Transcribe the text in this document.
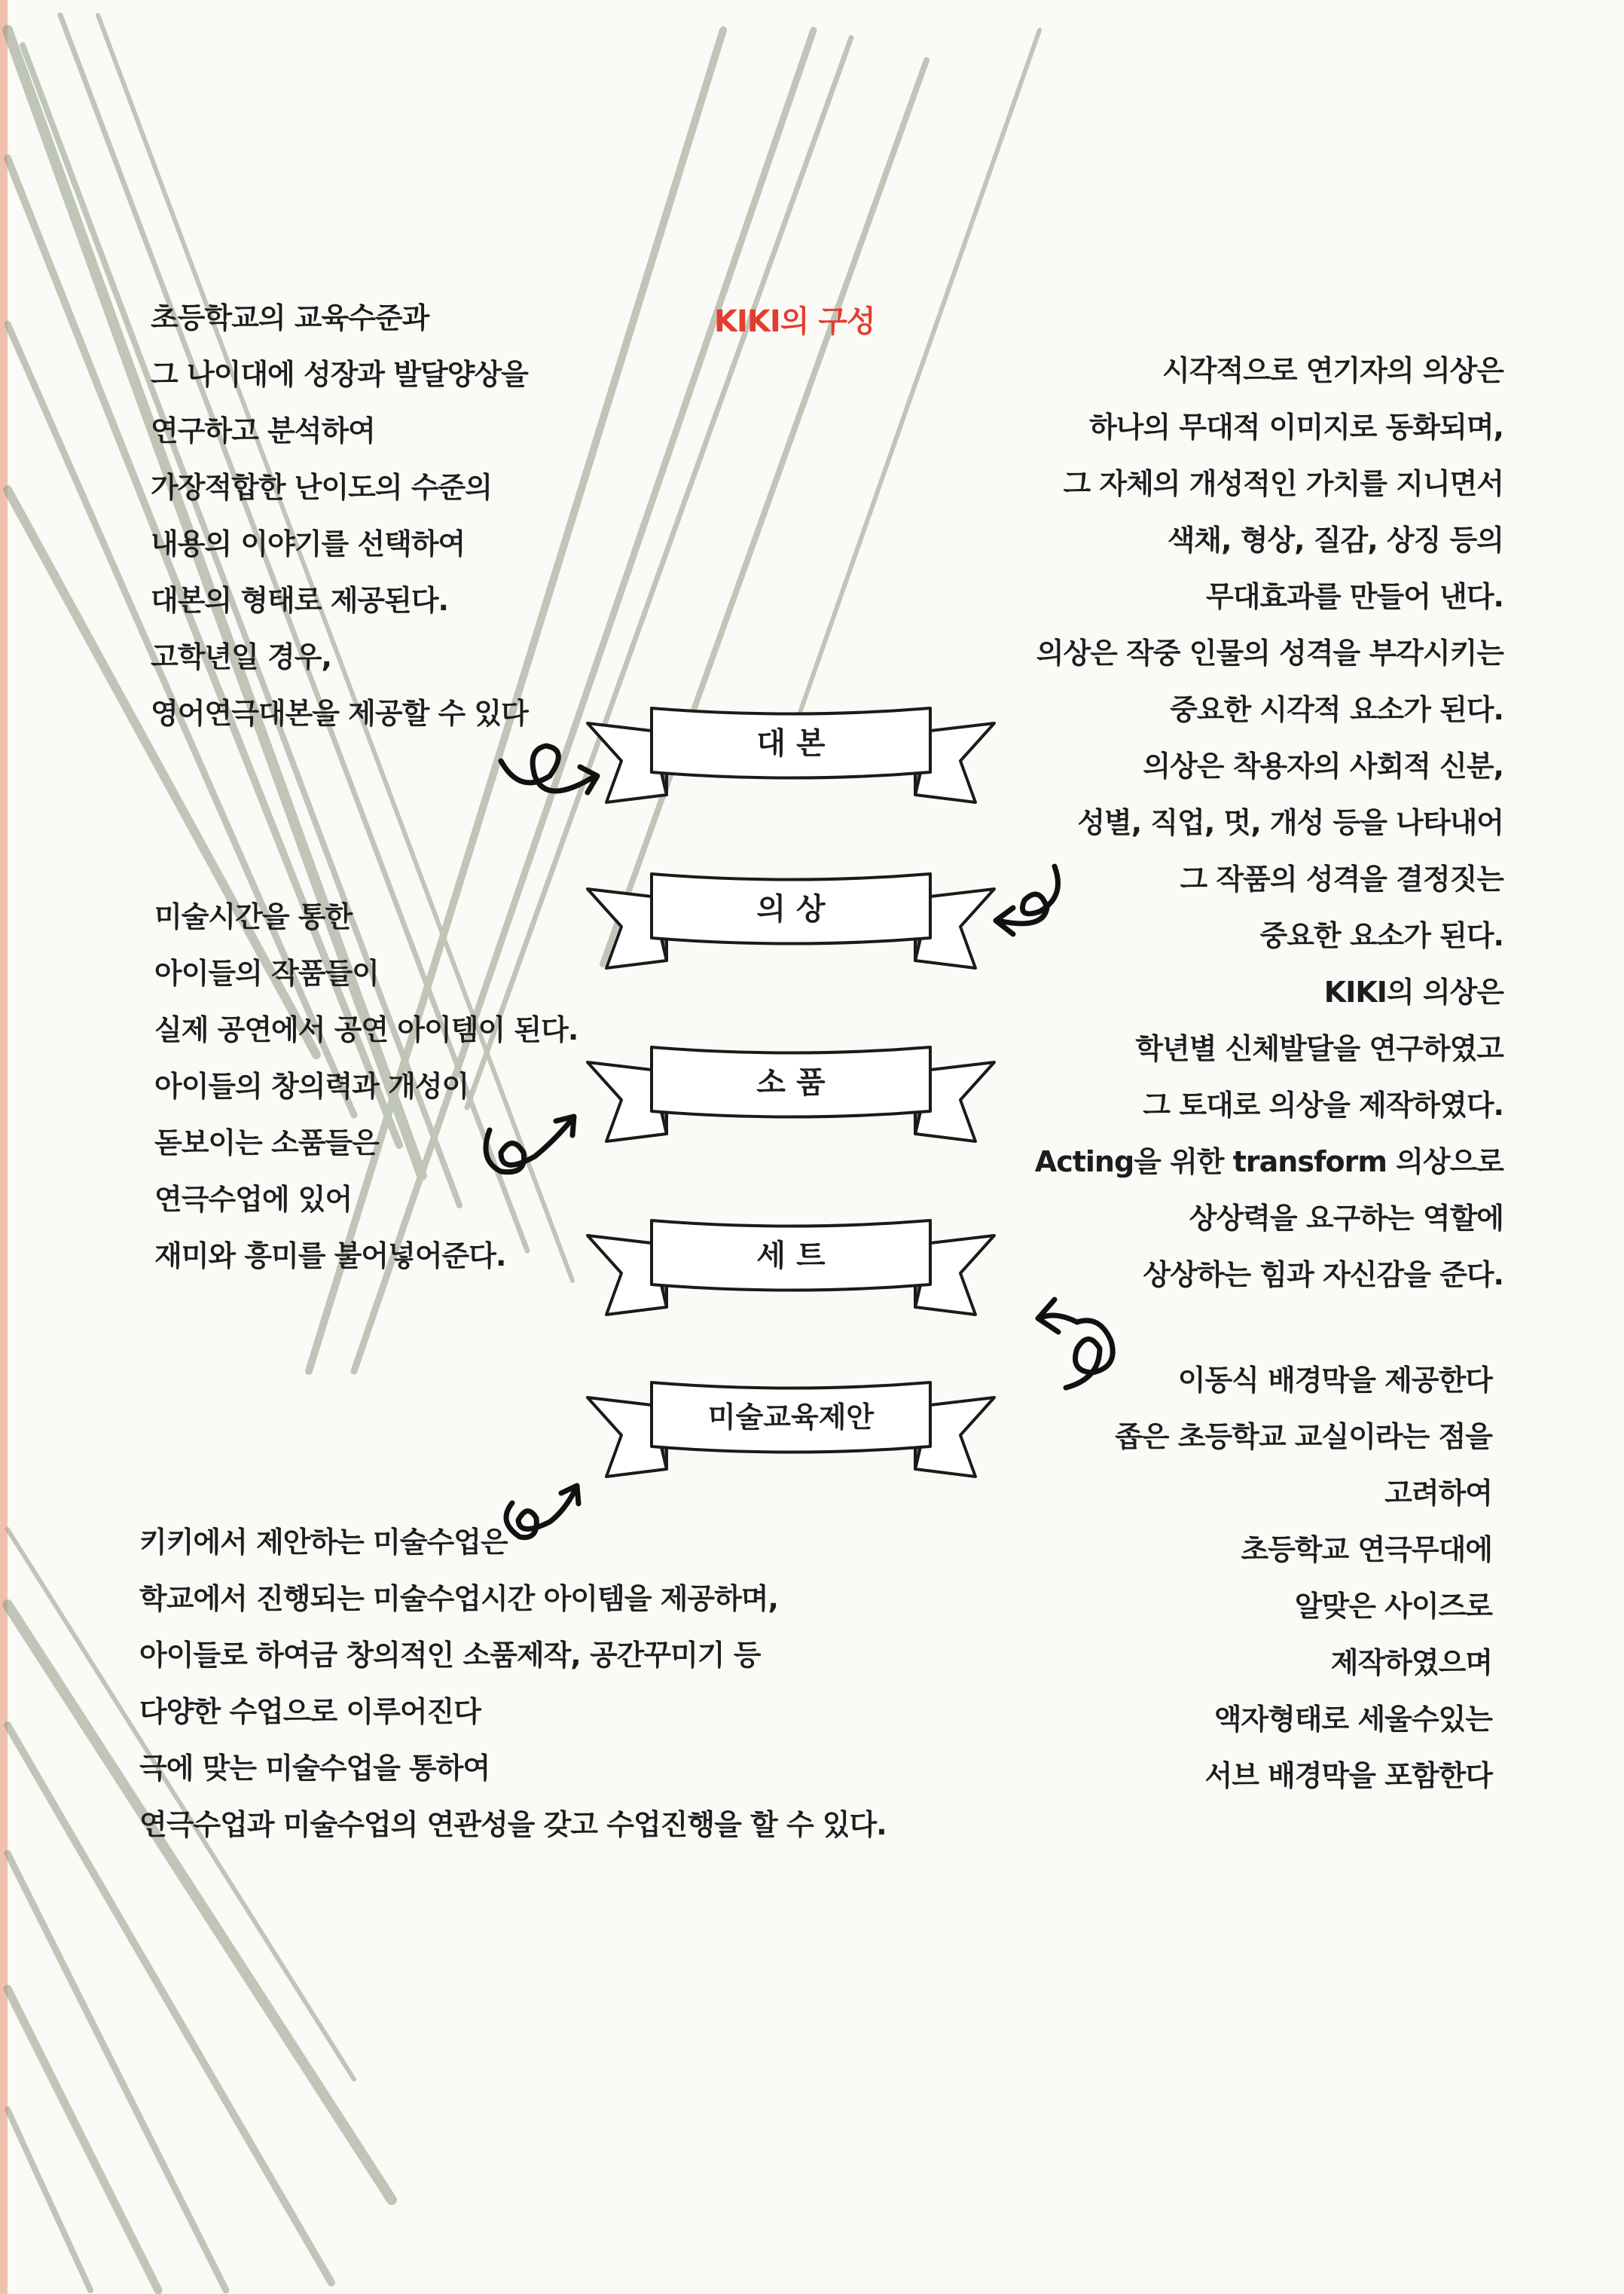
KIKI의 구성
초등학교의 교육수준과
그 나이대에 성장과 발달양상을
연구하고 분석하여
가장적합한 난이도의 수준의
내용의 이야기를 선택하여
대본의 형태로 제공된다.
고학년일 경우,
영어연극대본을 제공할 수 있다
미술시간을 통한
아이들의 작품들이
실제 공연에서 공연 아이템이 된다.
아이들의 창의력과 개성이
돋보이는 소품들은
연극수업에 있어
재미와 흥미를 불어넣어준다.
키키에서 제안하는 미술수업은
학교에서 진행되는 미술수업시간 아이템을 제공하며,
아이들로 하여금 창의적인 소품제작, 공간꾸미기 등
다양한 수업으로 이루어진다
극에 맞는 미술수업을 통하여
연극수업과 미술수업의 연관성을 갖고 수업진행을 할 수 있다.
시각적으로 연기자의 의상은
하나의 무대적 이미지로 동화되며,
그 자체의 개성적인 가치를 지니면서
색채, 형상, 질감, 상징 등의
무대효과를 만들어 낸다.
의상은 작중 인물의 성격을 부각시키는
중요한 시각적 요소가 된다.
의상은 착용자의 사회적 신분,
성별, 직업, 멋, 개성 등을 나타내어
그 작품의 성격을 결정짓는
중요한 요소가 된다.
KIKI의 의상은
학년별 신체발달을 연구하였고
그 토대로 의상을 제작하였다.
Acting을 위한 transform 의상으로
상상력을 요구하는 역할에
상상하는 힘과 자신감을 준다.
이동식 배경막을 제공한다
좁은 초등학교 교실이라는 점을
고려하여
초등학교 연극무대에
알맞은 사이즈로
제작하였으며
액자형태로 세울수있는
서브 배경막을 포함한다
대 본
의 상
소 품
세 트
미술교육제안
